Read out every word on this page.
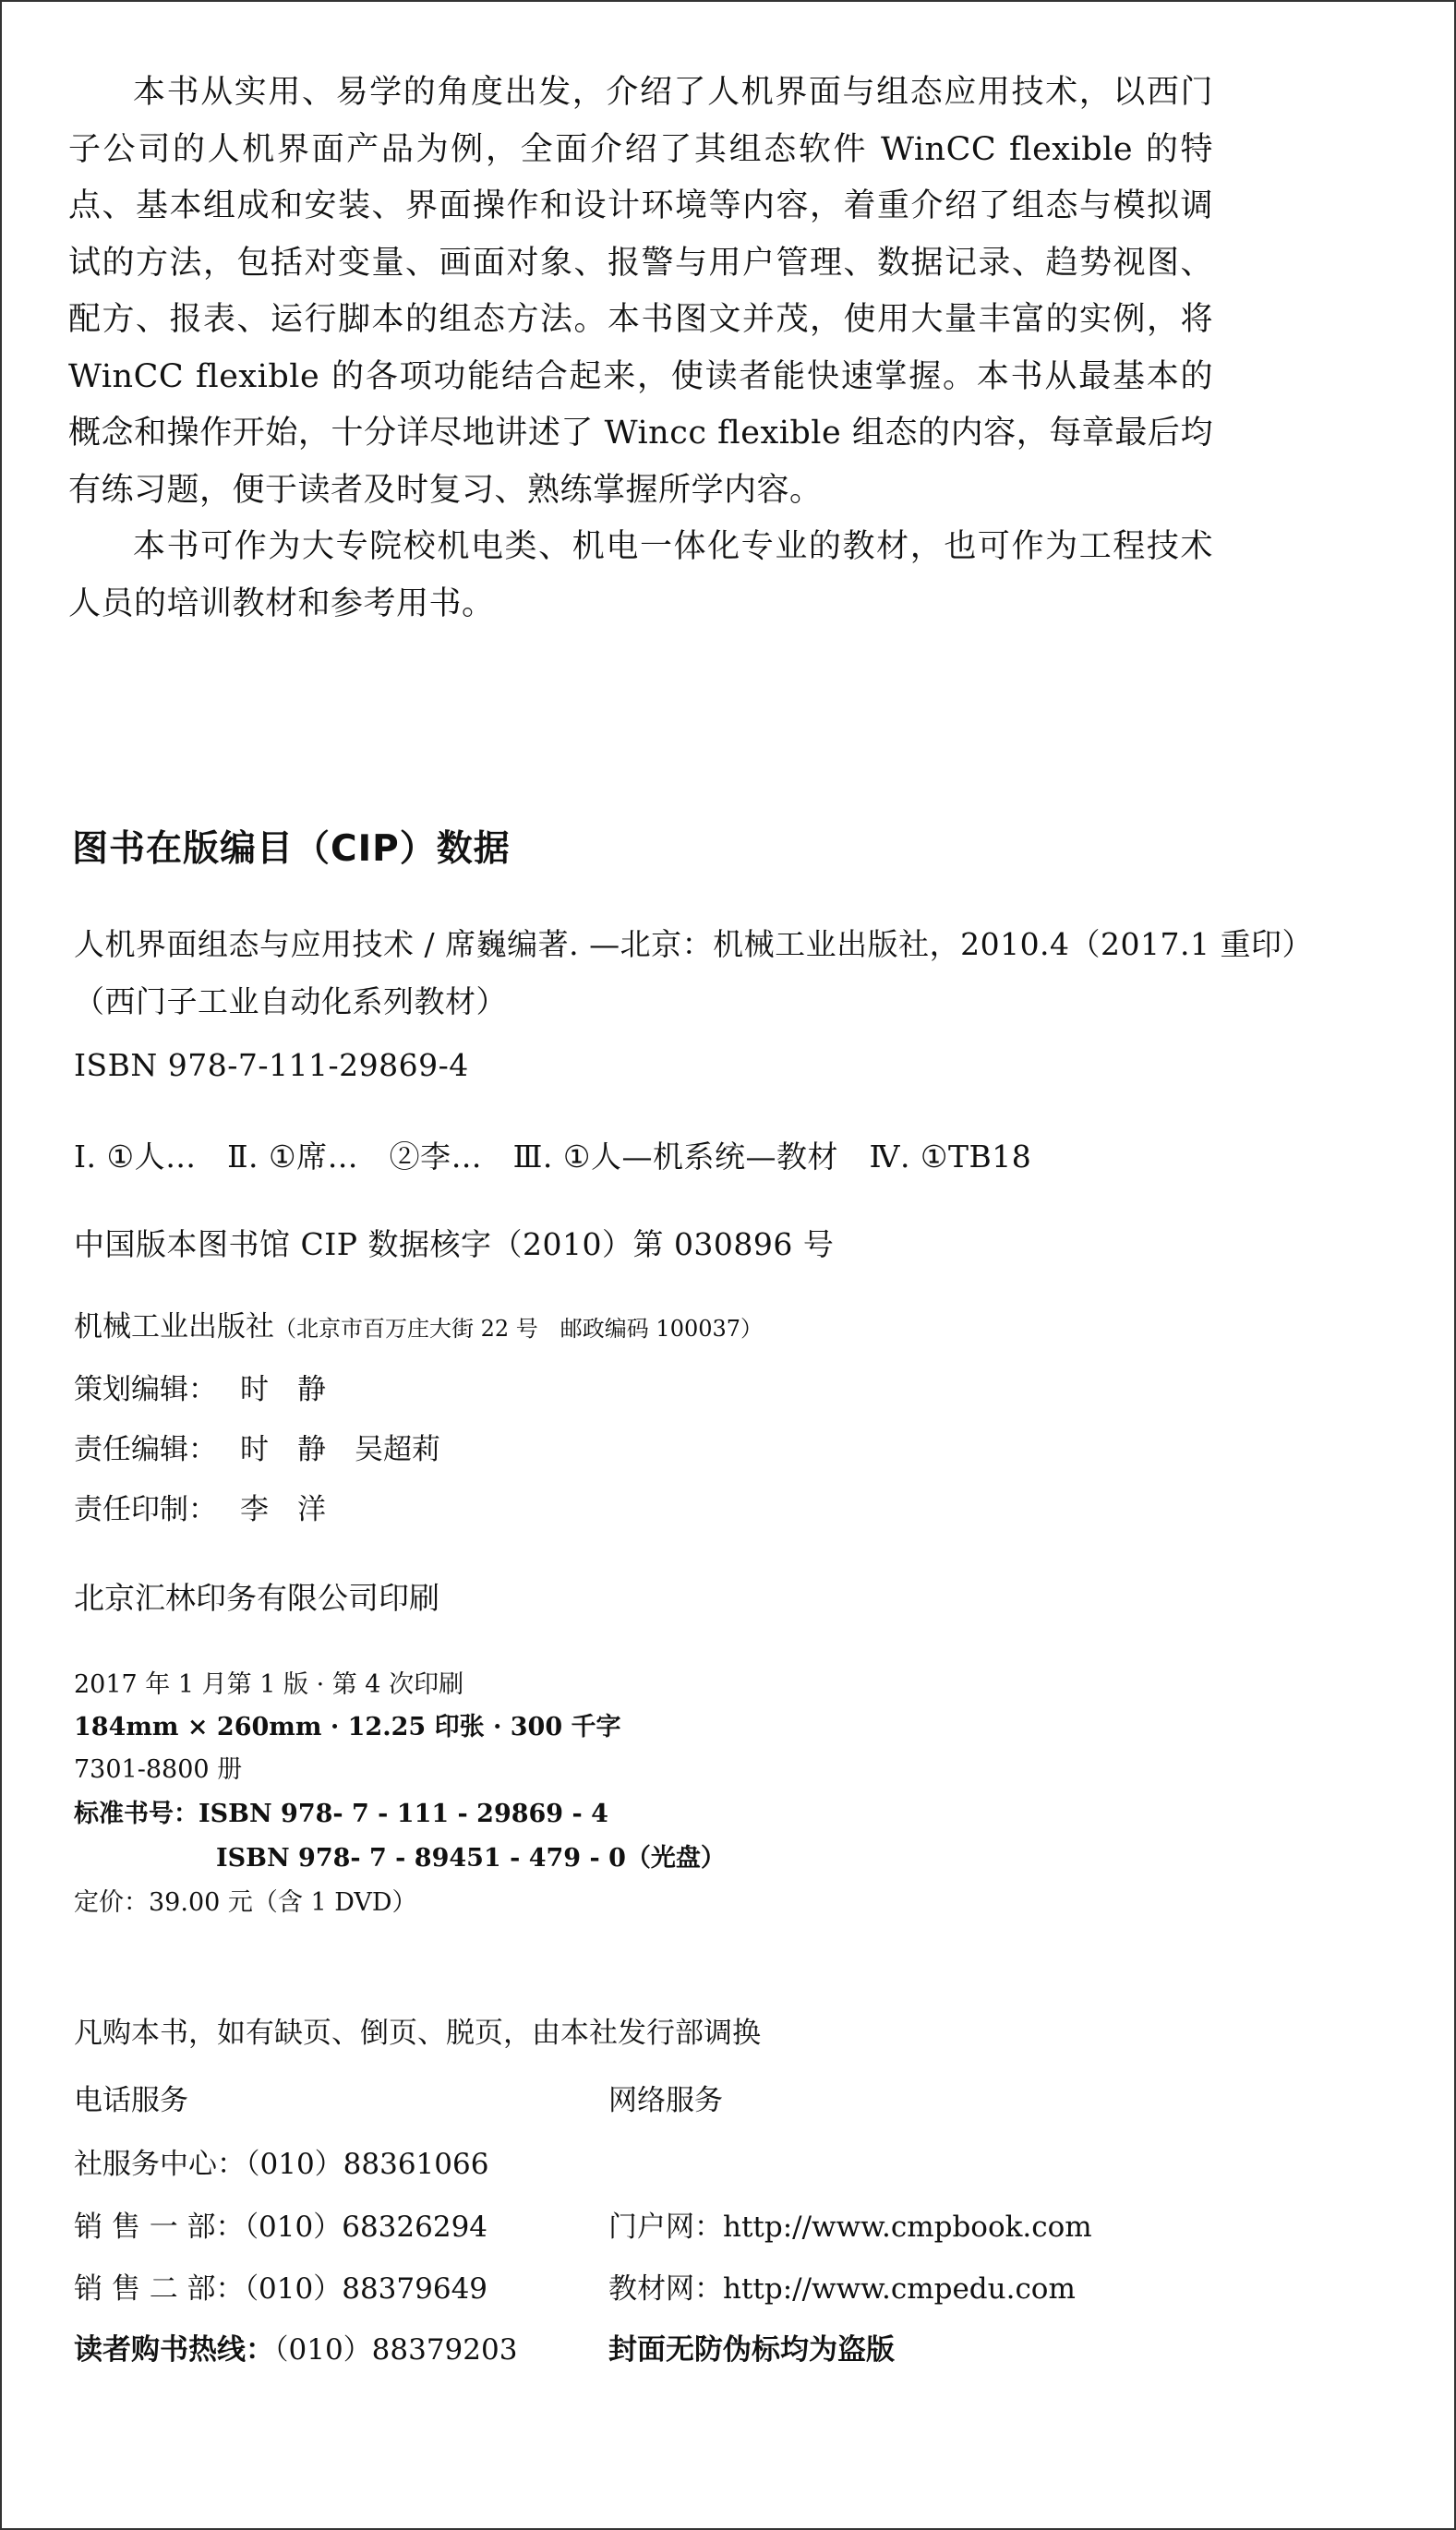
本书从实用、易学的角度出发，介绍了人机界面与组态应用技术，以西门子公司的人机界面产品为例，全面介绍了其组态软件 WinCC flexible 的特点、基本组成和安装、界面操作和设计环境等内容，着重介绍了组态与模拟调试的方法，包括对变量、画面对象、报警与用户管理、数据记录、趋势视图、配方、报表、运行脚本的组态方法。本书图文并茂，使用大量丰富的实例，将 WinCC flexible 的各项功能结合起来，使读者能快速掌握。本书从最基本的概念和操作开始，十分详尽地讲述了 Wincc flexible 组态的内容，每章最后均有练习题，便于读者及时复习、熟练掌握所学内容。

本书可作为大专院校机电类、机电一体化专业的教材，也可作为工程技术人员的培训教材和参考用书。

图书在版编目（CIP）数据

人机界面组态与应用技术 / 席巍编著. —北京：机械工业出版社，2010.4（2017.1 重印）

（西门子工业自动化系列教材）

ISBN 978-7-111-29869-4

Ⅰ. ①人…　Ⅱ. ①席…　②李…　Ⅲ. ①人—机系统—教材　Ⅳ. ①TB18

中国版本图书馆 CIP 数据核字（2010）第 030896 号

机械工业出版社（北京市百万庄大街 22 号　邮政编码 100037）

策划编辑： 时　静

责任编辑： 时　静　吴超莉

责任印制： 李　洋

北京汇林印务有限公司印刷

2017 年 1 月第 1 版 · 第 4 次印刷

184mm × 260mm · 12.25 印张 · 300 千字

7301-8800 册

标准书号：ISBN 978- 7 - 111 - 29869 - 4

ISBN 978- 7 - 89451 - 479 - 0（光盘）

定价：39.00 元（含 1 DVD）

凡购本书，如有缺页、倒页、脱页，由本社发行部调换

电话服务	网络服务

社服务中心：（010）88361066

销 售 一 部：（010）68326294	门户网：http://www.cmpbook.com

销 售 二 部：（010）88379649	教材网：http://www.cmpedu.com

读者购书热线：（010）88379203	封面无防伪标均为盗版
